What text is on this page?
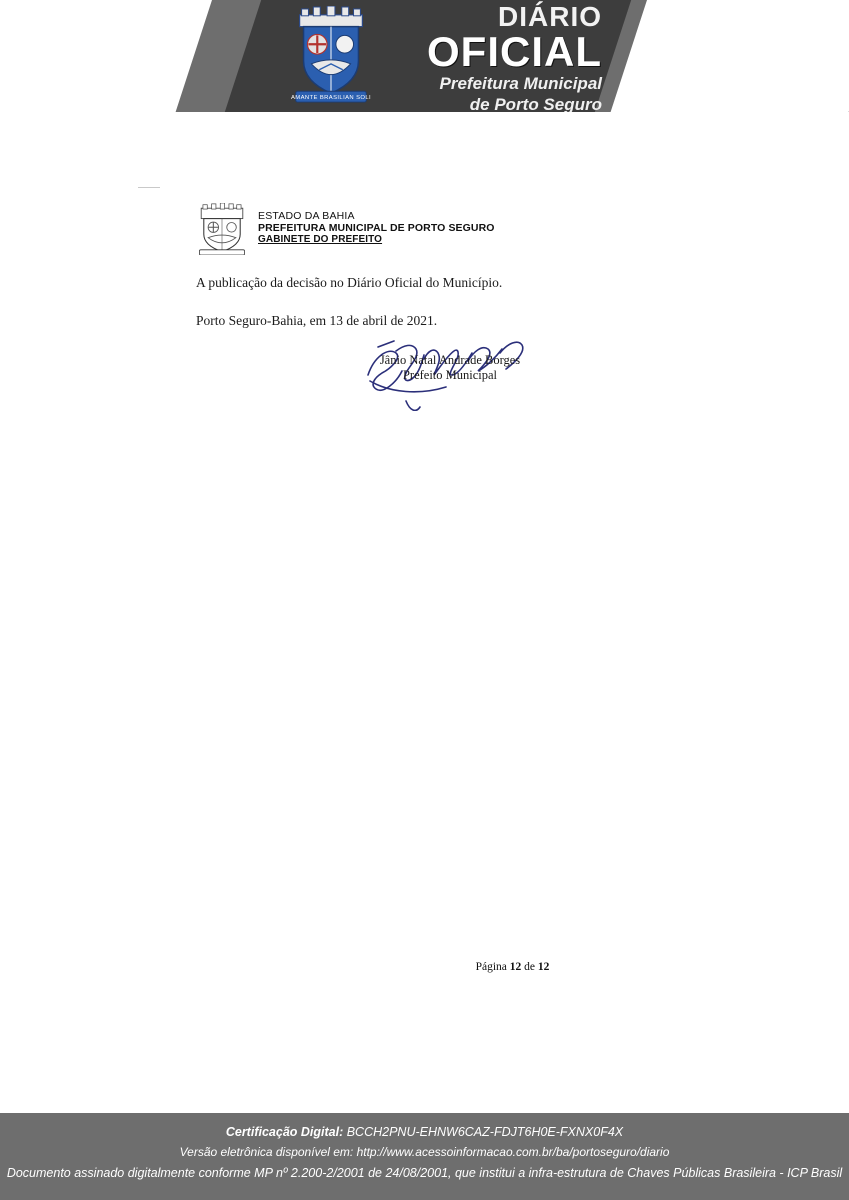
AMANTE BRASILIAN SOLI
DIÁRIO
OFICIAL
Prefeitura Municipal
de Porto Seguro
Edição 4.880 | Ano 3
03 de maio de 2021
Página 18
ESTADO DA BAHIA
PREFEITURA MUNICIPAL DE PORTO SEGURO
GABINETE DO PREFEITO
A publicação da decisão no Diário Oficial do Município.
Porto Seguro-Bahia, em 13 de abril de 2021.
Jânio Natal Andrade Borges
Prefeito Municipal
Página 12 de 12
Certificação Digital: BCCH2PNU-EHNW6CAZ-FDJT6H0E-FXNX0F4X
Versão eletrônica disponível em: http://www.acessoinformacao.com.br/ba/portoseguro/diario
Documento assinado digitalmente conforme MP nº 2.200-2/2001 de 24/08/2001, que institui a infra-estrutura de Chaves Públicas Brasileira - ICP Brasil
